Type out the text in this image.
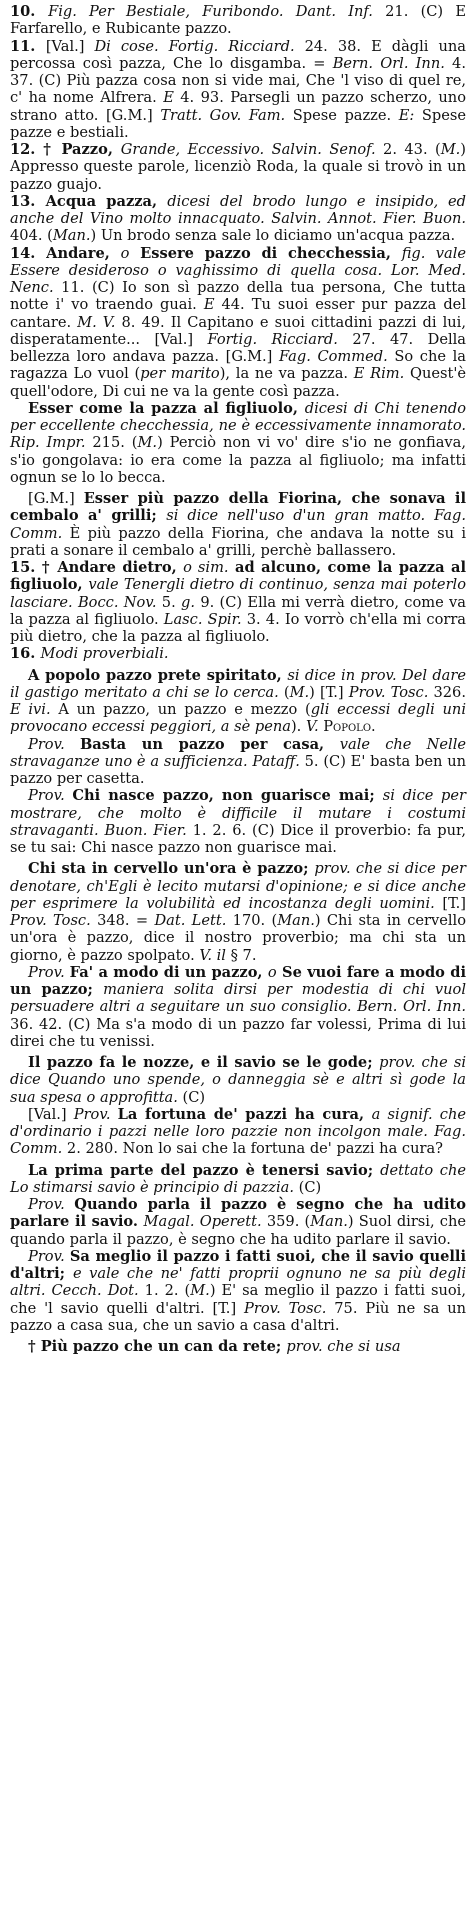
10. Fig. Per Bestiale, Furibondo. Dant. Inf. 21. (C) E Farfarello, e Rubicante pazzo.

11. [Val.] Di cose. Fortig. Ricciard. 24. 38. E dàgli una percossa così pazza, Che lo disgamba. = Bern. Orl. Inn. 4. 37. (C) Più pazza cosa non si vide mai, Che 'l viso di quel re, c' ha nome Alfrera. E 4. 93. Parsegli un pazzo scherzo, uno strano atto. [G.M.] Tratt. Gov. Fam. Spese pazze. E: Spese pazze e bestiali.

12. † Pazzo, Grande, Eccessivo. Salvin. Senof. 2. 43. (M.) Appresso queste parole, licenziò Roda, la quale si trovò in un pazzo guajo.

13. Acqua pazza, dicesi del brodo lungo e insipido, ed anche del Vino molto innacquato. Salvin. Annot. Fier. Buon. 404. (Man.) Un brodo senza sale lo diciamo un'acqua pazza.

14. Andare, o Essere pazzo di checchessia, fig. vale Essere desideroso o vaghissimo di quella cosa. Lor. Med. Nenc. 11. (C) Io son sì pazzo della tua persona, Che tutta notte i' vo traendo guai. E 44. Tu suoi esser pur pazza del cantare. M. V. 8. 49. Il Capitano e suoi cittadini pazzi di lui, disperatamente... [Val.] Fortig. Ricciard. 27. 47. Della bellezza loro andava pazza. [G.M.] Fag. Commed. So che la ragazza Lo vuol (per marito), la ne va pazza. E Rim. Quest'è quell'odore, Di cui ne va la gente così pazza.

Esser come la pazza al figliuolo, dicesi di Chi tenendo per eccellente checchessia, ne è eccessivamente innamorato. Rip. Impr. 215. (M.) Perciò non vi vo' dire s'io ne gonfiava, s'io gongolava: io era come la pazza al figliuolo; ma infatti ognun se lo lo becca.

[G.M.] Esser più pazzo della Fiorina, che sonava il cembalo a' grilli; si dice nell'uso d'un gran matto. Fag. Comm. È più pazzo della Fiorina, che andava la notte su i prati a sonare il cembalo a' grilli, perchè ballassero.

15. † Andare dietro, o sim. ad alcuno, come la pazza al figliuolo, vale Tenergli dietro di continuo, senza mai poterlo lasciare. Bocc. Nov. 5. g. 9. (C) Ella mi verrà dietro, come va la pazza al figliuolo. Lasc. Spir. 3. 4. Io vorrò ch'ella mi corra più dietro, che la pazza al figliuolo.

16. Modi proverbiali.

A popolo pazzo prete spiritato, si dice in prov. Del dare il gastigo meritato a chi se lo cerca. (M.) [T.] Prov. Tosc. 326. E ivi. A un pazzo, un pazzo e mezzo (gli eccessi degli uni provocano eccessi peggiori, a sè pena). V. Popolo.

Prov. Basta un pazzo per casa, vale che Nelle stravaganze uno è a sufficienza. Pataff. 5. (C) E' basta ben un pazzo per casetta.

Prov. Chi nasce pazzo, non guarisce mai; si dice per mostrare, che molto è difficile il mutare i costumi stravaganti. Buon. Fier. 1. 2. 6. (C) Dice il proverbio: fa pur, se tu sai: Chi nasce pazzo non guarisce mai.

Chi sta in cervello un'ora è pazzo; prov. che si dice per denotare, ch'Egli è lecito mutarsi d'opinione; e si dice anche per esprimere la volubilità ed incostanza degli uomini. [T.] Prov. Tosc. 348. = Dat. Lett. 170. (Man.) Chi sta in cervello un'ora è pazzo, dice il nostro proverbio; ma chi sta un giorno, è pazzo spolpato. V. il § 7.

Prov. Fa' a modo di un pazzo, o Se vuoi fare a modo di un pazzo; maniera solita dirsi per modestia di chi vuol persuadere altri a seguitare un suo consiglio. Bern. Orl. Inn. 36. 42. (C) Ma s'a modo di un pazzo far volessi, Prima di lui direi che tu venissi.

Il pazzo fa le nozze, e il savio se le gode; prov. che si dice Quando uno spende, o danneggia sè e altri sì gode la sua spesa o approfitta. (C)

[Val.] Prov. La fortuna de' pazzi ha cura, a signif. che d'ordinario i pazzi nelle loro pazzie non incolgon male. Fag. Comm. 2. 280. Non lo sai che la fortuna de' pazzi ha cura?

La prima parte del pazzo è tenersi savio; dettato che Lo stimarsi savio è principio di pazzia. (C)

Prov. Quando parla il pazzo è segno che ha udito parlare il savio. Magal. Operett. 359. (Man.) Suol dirsi, che quando parla il pazzo, è segno che ha udito parlare il savio.

Prov. Sa meglio il pazzo i fatti suoi, che il savio quelli d'altri; e vale che ne' fatti proprii ognuno ne sa più degli altri. Cecch. Dot. 1. 2. (M.) E' sa meglio il pazzo i fatti suoi, che 'l savio quelli d'altri. [T.] Prov. Tosc. 75. Più ne sa un pazzo a casa sua, che un savio a casa d'altri.

† Più pazzo che un can da rete; prov. che si usa
